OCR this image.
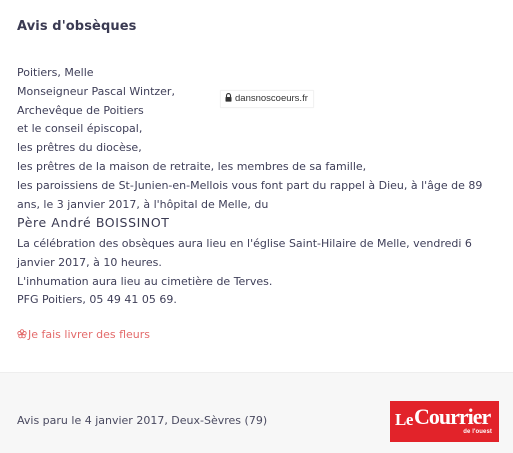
Avis d'obsèques
Poitiers, Melle
Monseigneur Pascal Wintzer,
Archevêque de Poitiers
et le conseil épiscopal,
les prêtres du diocèse,
les prêtres de la maison de retraite, les membres de sa famille,
les paroissiens de St-Junien-en-Mellois vous font part du rappel à Dieu, à l'âge de 89 ans, le 3 janvier 2017, à l'hôpital de Melle, du
dansnoscoeurs.fr
Père André BOISSINOT
La célébration des obsèques aura lieu en l'église Saint-Hilaire de Melle, vendredi 6 janvier 2017, à 10 heures.
L'inhumation aura lieu au cimetière de Terves.
PFG Poitiers, 05 49 41 05 69.
Je fais livrer des fleurs
Avis paru le 4 janvier 2017, Deux-Sèvres (79)	Le Courrier
de l'ouest
